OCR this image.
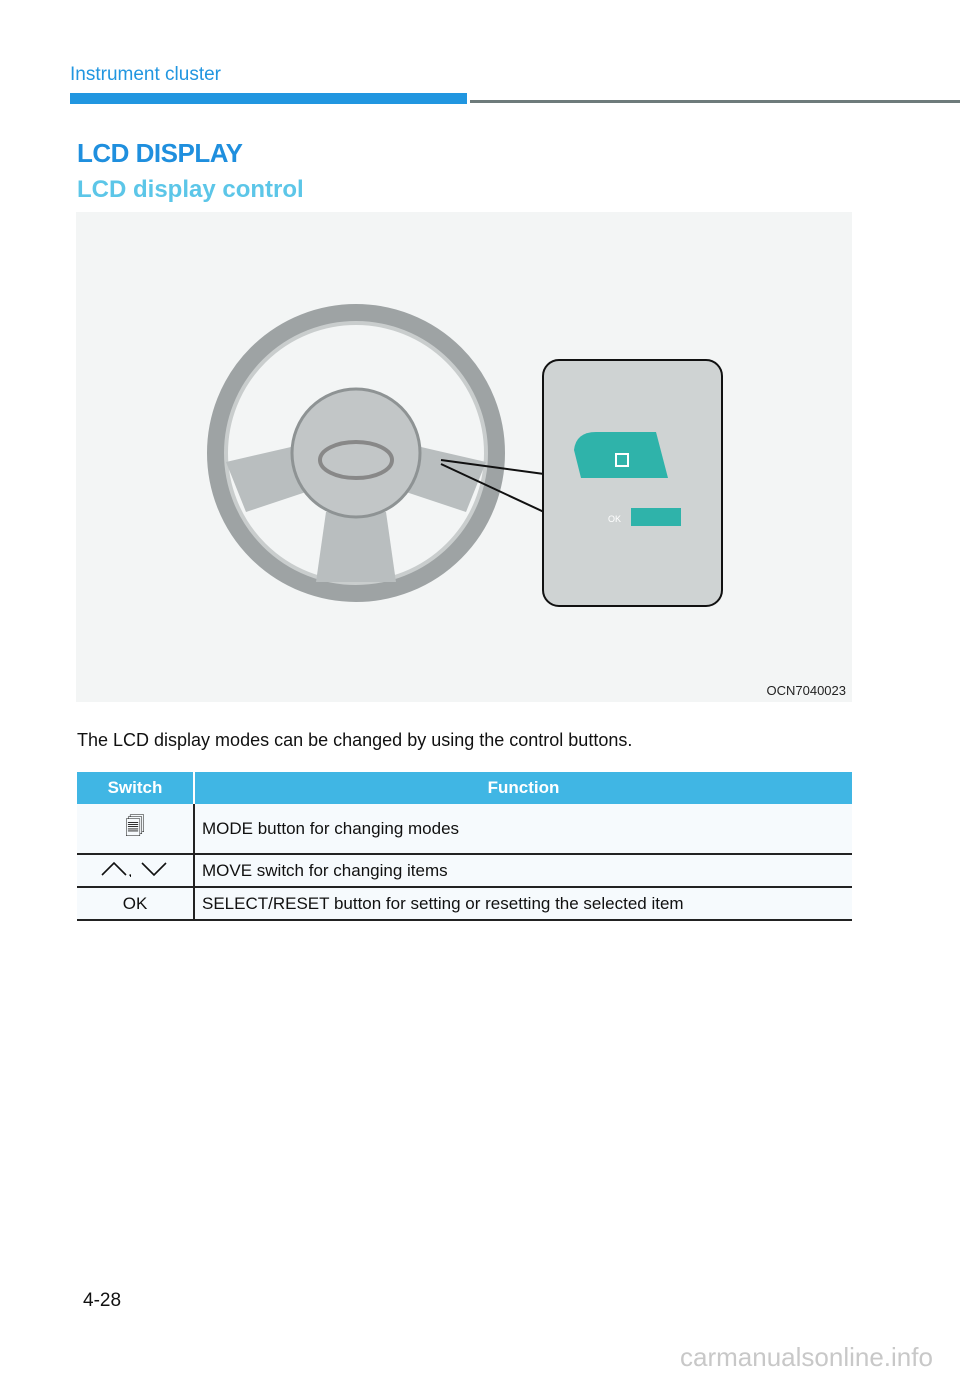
Instrument cluster
LCD DISPLAY
LCD display control
OK
OCN7040023
The LCD display modes can be changed by using the control buttons.
Switch	Function
🗐	MODE button for changing modes

,	MOVE switch for changing items
OK	SELECT/RESET button for setting or resetting the selected item
4-28
carmanualsonline.info
